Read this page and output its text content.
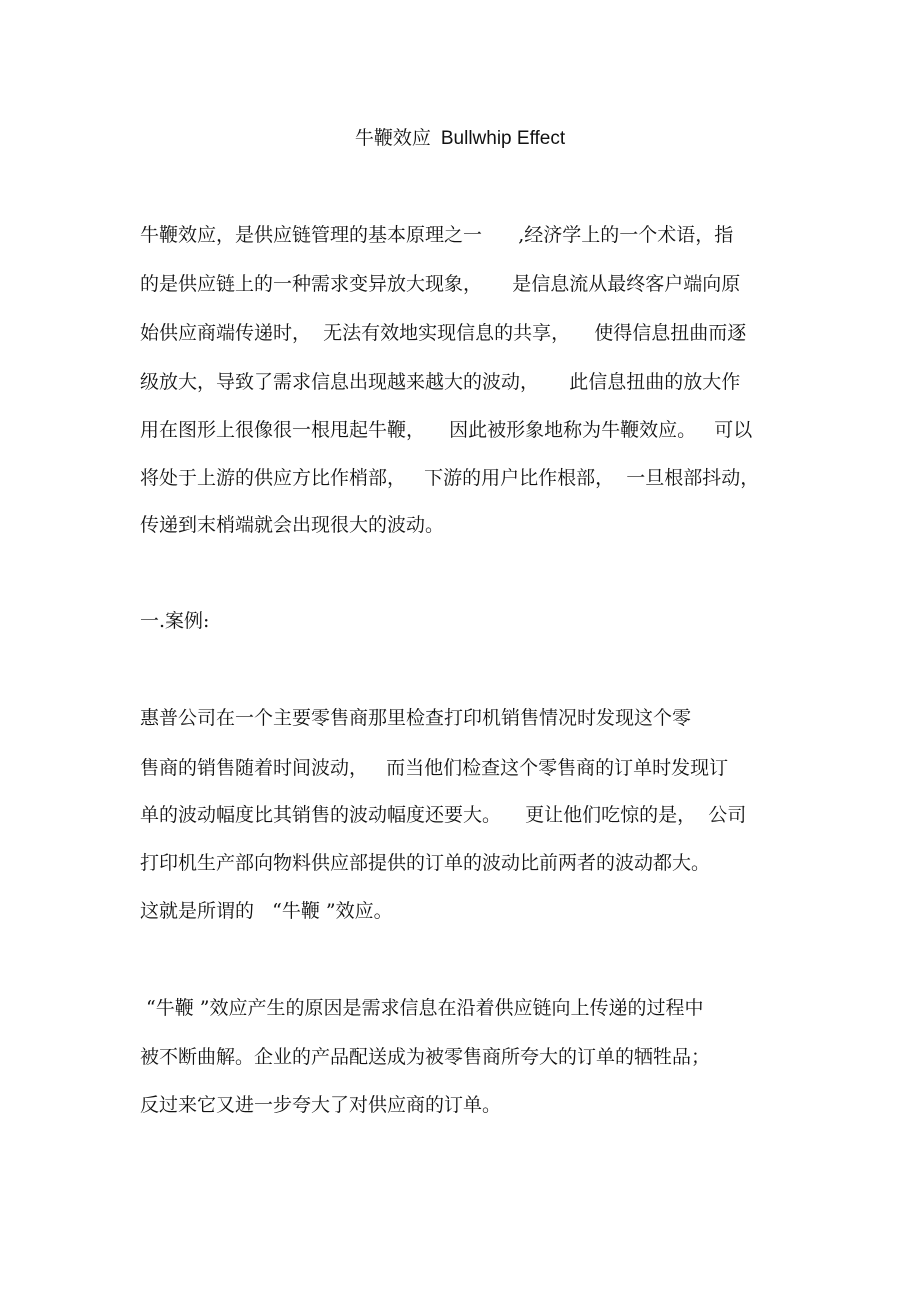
牛鞭效应 Bullwhip Effect
牛鞭效应，是供应链管理的基本原理之一      ,经济学上的一个术语，指
的是供应链上的一种需求变异放大现象，     是信息流从最终客户端向原
始供应商端传递时，  无法有效地实现信息的共享，    使得信息扭曲而逐
级放大，导致了需求信息出现越来越大的波动，     此信息扭曲的放大作
用在图形上很像很一根甩起牛鞭，    因此被形象地称为牛鞭效应。   可以
将处于上游的供应方比作梢部，   下游的用户比作根部，  一旦根部抖动，
传递到末梢端就会出现很大的波动。
一.案例:
惠普公司在一个主要零售商那里检查打印机销售情况时发现这个零
售商的销售随着时间波动，   而当他们检查这个零售商的订单时发现订
单的波动幅度比其销售的波动幅度还要大。    更让他们吃惊的是，  公司
打印机生产部向物料供应部提供的订单的波动比前两者的波动都大。
这就是所谓的   “牛鞭 ”效应。
“牛鞭 ”效应产生的原因是需求信息在沿着供应链向上传递的过程中
被不断曲解。企业的产品配送成为被零售商所夸大的订单的牺牲品；
反过来它又进一步夸大了对供应商的订单。
